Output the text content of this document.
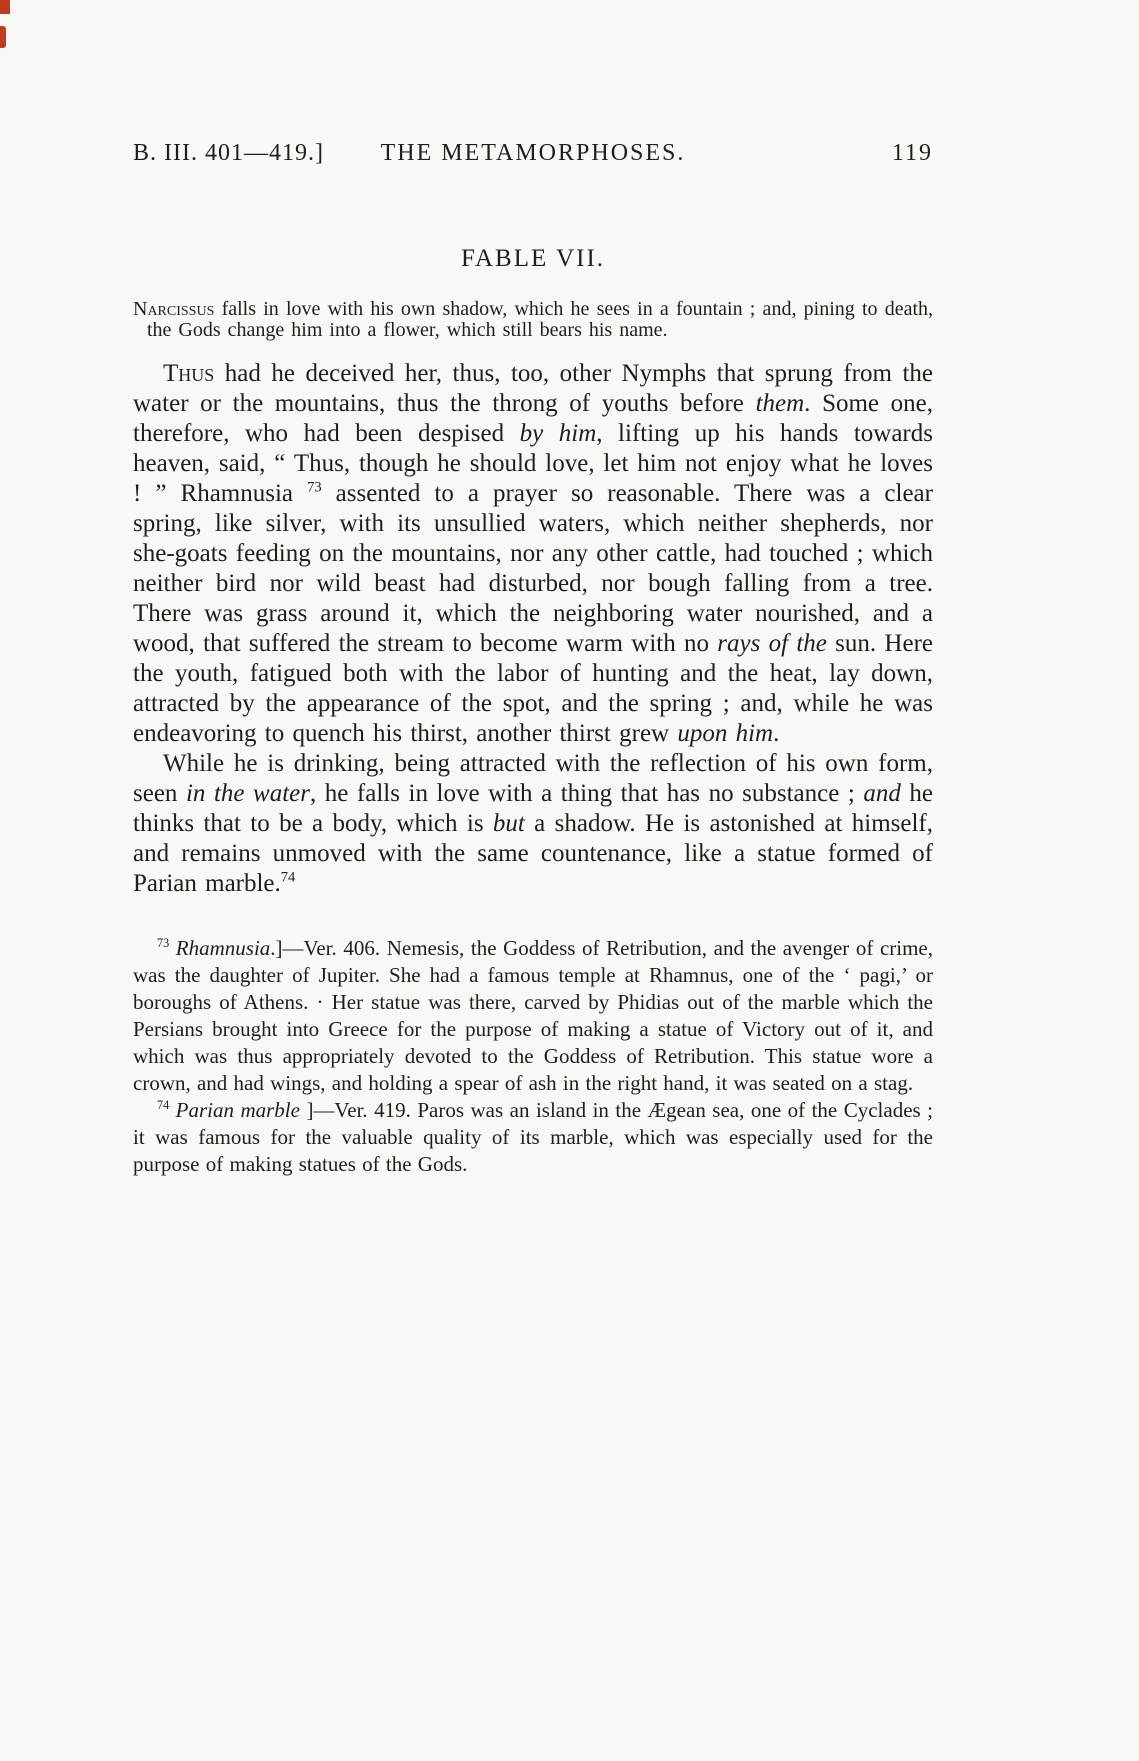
B. III. 401—419.]	THE METAMORPHOSES.	119
FABLE VII.
Narcissus falls in love with his own shadow, which he sees in a fountain ; and, pining to death, the Gods change him into a flower, which still bears his name.

Thus had he deceived her, thus, too, other Nymphs that sprung from the water or the mountains, thus the throng of youths before them. Some one, therefore, who had been despised by him, lifting up his hands towards heaven, said, “ Thus, though he should love, let him not enjoy what he loves ! ” Rhamnusia $^{73}$ assented to a prayer so reasonable. There was a clear spring, like silver, with its unsullied waters, which neither shepherds, nor she-goats feeding on the mountains, nor any other cattle, had touched ; which neither bird nor wild beast had disturbed, nor bough falling from a tree. There was grass around it, which the neighboring water nourished, and a wood, that suffered the stream to become warm with no rays of the sun. Here the youth, fatigued both with the labor of hunting and the heat, lay down, attracted by the appearance of the spot, and the spring ; and, while he was endeavoring to quench his thirst, another thirst grew upon him.

While he is drinking, being attracted with the reflection of his own form, seen in the water, he falls in love with a thing that has no substance ; and he thinks that to be a body, which is but a shadow. He is astonished at himself, and remains unmoved with the same countenance, like a statue formed of Parian marble.$^{74}$

$^{73}$ Rhamnusia.]—Ver. 406. Nemesis, the Goddess of Retribution, and the avenger of crime, was the daughter of Jupiter. She had a famous temple at Rhamnus, one of the ‘ pagi,’ or boroughs of Athens. · Her statue was there, carved by Phidias out of the marble which the Persians brought into Greece for the purpose of making a statue of Victory out of it, and which was thus appropriately devoted to the Goddess of Retribution. This statue wore a crown, and had wings, and holding a spear of ash in the right hand, it was seated on a stag.

$^{74}$ Parian marble ]—Ver. 419. Paros was an island in the Ægean sea, one of the Cyclades ; it was famous for the valuable quality of its marble, which was especially used for the purpose of making statues of the Gods.
